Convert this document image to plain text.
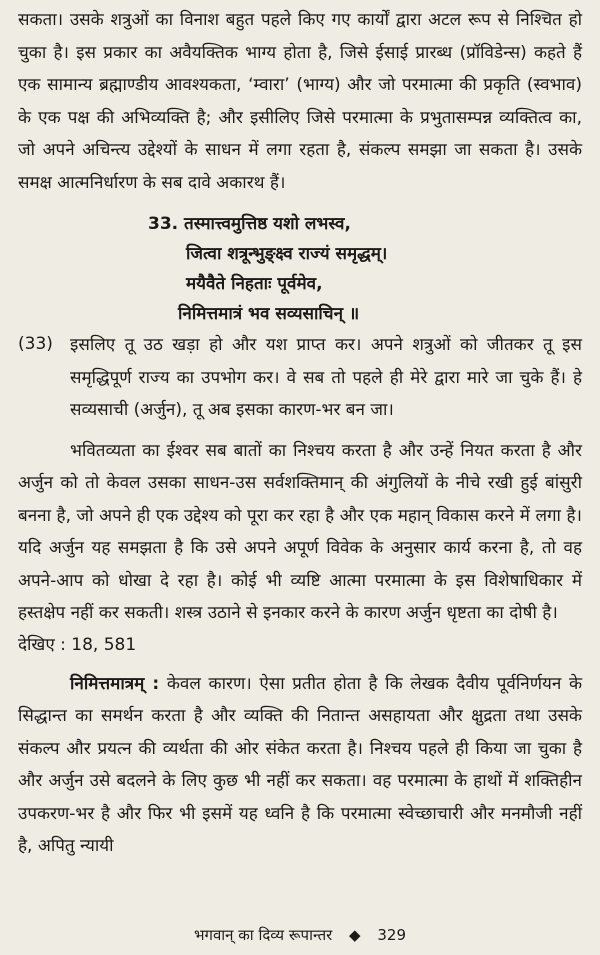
सकता। उसके शत्रुओं का विनाश बहुत पहले किए गए कार्यों द्वारा अटल रूप से निश्चित हो चुका है। इस प्रकार का अवैयक्तिक भाग्य होता है, जिसे ईसाई प्रारब्ध (प्रॉविडेन्स) कहते हैं एक सामान्य ब्रह्माण्डीय आवश्यकता, ‘म्वारा’ (भाग्य) और जो परमात्मा की प्रकृति (स्वभाव) के एक पक्ष की अभिव्यक्ति है; और इसीलिए जिसे परमात्मा के प्रभुतासम्पन्न व्यक्तित्व का, जो अपने अचिन्त्य उद्देश्यों के साधन में लगा रहता है, संकल्प समझा जा सकता है। उसके समक्ष आत्मनिर्धारण के सब दावे अकारथ हैं।

33. तस्मात्त्वमुत्तिष्ठ यशो लभस्व,
जित्वा शत्रून्भुङ्क्ष्व राज्यं समृद्धम्।
मयैवैते निहताः पूर्वमेव,
निमित्तमात्रं भव सव्यसाचिन् ॥
(33)	इसलिए तू उठ खड़ा हो और यश प्राप्त कर। अपने शत्रुओं को जीतकर तू इस समृद्धिपूर्ण राज्य का उपभोग कर। वे सब तो पहले ही मेरे द्वारा मारे जा चुके हैं। हे सव्यसाची (अर्जुन), तू अब इसका कारण-भर बन जा।

भवितव्यता का ईश्वर सब बातों का निश्चय करता है और उन्हें नियत करता है और अर्जुन को तो केवल उसका साधन-उस सर्वशक्तिमान् की अंगुलियों के नीचे रखी हुई बांसुरी बनना है, जो अपने ही एक उद्देश्य को पूरा कर रहा है और एक महान् विकास करने में लगा है। यदि अर्जुन यह समझता है कि उसे अपने अपूर्ण विवेक के अनुसार कार्य करना है, तो वह अपने-आप को धोखा दे रहा है। कोई भी व्यष्टि आत्मा परमात्मा के इस विशेषाधिकार में हस्तक्षेप नहीं कर सकती। शस्त्र उठाने से इनकार करने के कारण अर्जुन धृष्टता का दोषी है।

देखिए : 18, 581

निमित्तमात्रम् : केवल कारण। ऐसा प्रतीत होता है कि लेखक दैवीय पूर्वनिर्णयन के सिद्धान्त का समर्थन करता है और व्यक्ति की नितान्त असहायता और क्षुद्रता तथा उसके संकल्प और प्रयत्न की व्यर्थता की ओर संकेत करता है। निश्चय पहले ही किया जा चुका है और अर्जुन उसे बदलने के लिए कुछ भी नहीं कर सकता। वह परमात्मा के हाथों में शक्तिहीन उपकरण-भर है और फिर भी इसमें यह ध्वनि है कि परमात्मा स्वेच्छाचारी और मनमौजी नहीं है, अपितु न्यायी

भगवान् का दिव्य रूपान्तर ◆ 329
